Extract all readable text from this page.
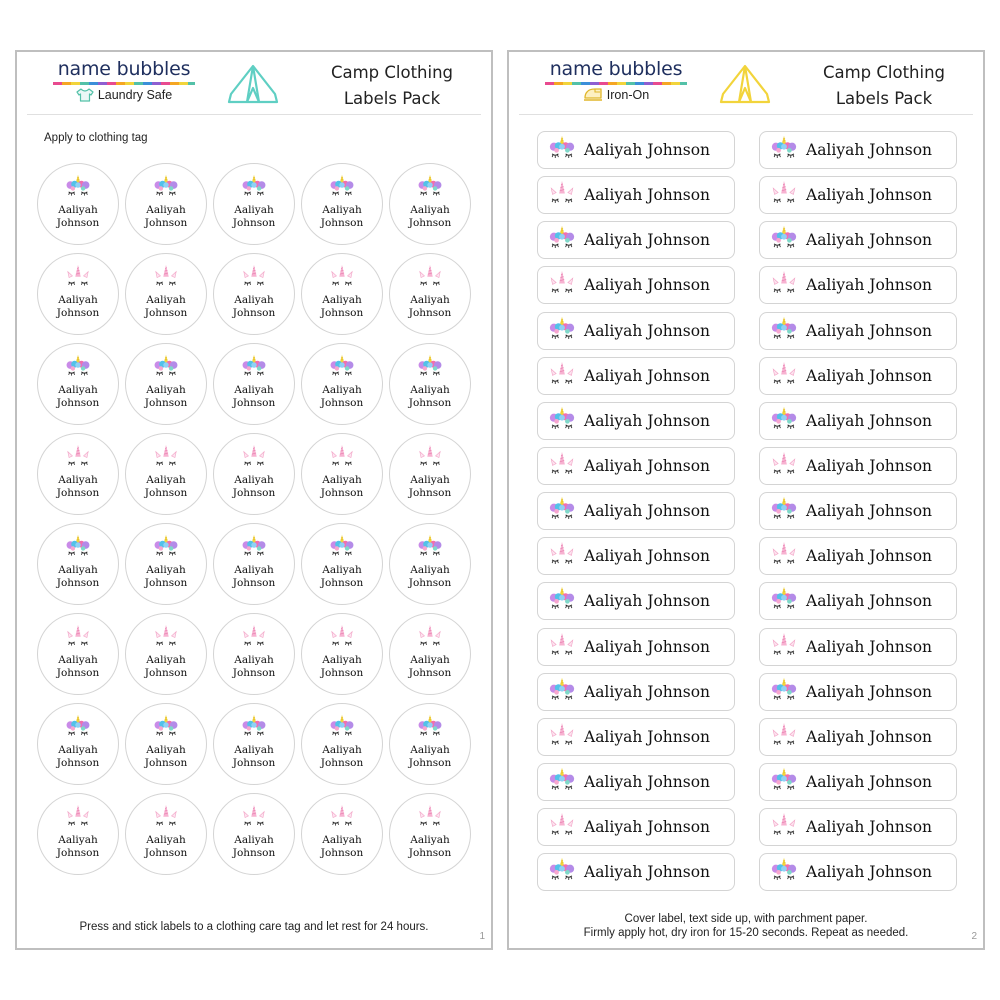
name bubbles
Laundry Safe
Camp Clothing
Labels Pack
Apply to clothing tag
Aaliyah
Johnson
Aaliyah
Johnson
Aaliyah
Johnson
Aaliyah
Johnson
Aaliyah
Johnson
Aaliyah
Johnson
Aaliyah
Johnson
Aaliyah
Johnson
Aaliyah
Johnson
Aaliyah
Johnson
Aaliyah
Johnson
Aaliyah
Johnson
Aaliyah
Johnson
Aaliyah
Johnson
Aaliyah
Johnson
Aaliyah
Johnson
Aaliyah
Johnson
Aaliyah
Johnson
Aaliyah
Johnson
Aaliyah
Johnson
Aaliyah
Johnson
Aaliyah
Johnson
Aaliyah
Johnson
Aaliyah
Johnson
Aaliyah
Johnson
Aaliyah
Johnson
Aaliyah
Johnson
Aaliyah
Johnson
Aaliyah
Johnson
Aaliyah
Johnson
Aaliyah
Johnson
Aaliyah
Johnson
Aaliyah
Johnson
Aaliyah
Johnson
Aaliyah
Johnson
Aaliyah
Johnson
Aaliyah
Johnson
Aaliyah
Johnson
Aaliyah
Johnson
Aaliyah
Johnson
Press and stick labels to a clothing care tag and let rest for 24 hours.
1
name bubbles
Iron-On
Camp Clothing
Labels Pack
Aaliyah Johnson	Aaliyah Johnson
Aaliyah Johnson	Aaliyah Johnson
Aaliyah Johnson	Aaliyah Johnson
Aaliyah Johnson	Aaliyah Johnson
Aaliyah Johnson	Aaliyah Johnson
Aaliyah Johnson	Aaliyah Johnson
Aaliyah Johnson	Aaliyah Johnson
Aaliyah Johnson	Aaliyah Johnson
Aaliyah Johnson	Aaliyah Johnson
Aaliyah Johnson	Aaliyah Johnson
Aaliyah Johnson	Aaliyah Johnson
Aaliyah Johnson	Aaliyah Johnson
Aaliyah Johnson	Aaliyah Johnson
Aaliyah Johnson	Aaliyah Johnson
Aaliyah Johnson	Aaliyah Johnson
Aaliyah Johnson	Aaliyah Johnson
Aaliyah Johnson	Aaliyah Johnson
Cover label, text side up, with parchment paper.
Firmly apply hot, dry iron for 15-20 seconds. Repeat as needed.	2
